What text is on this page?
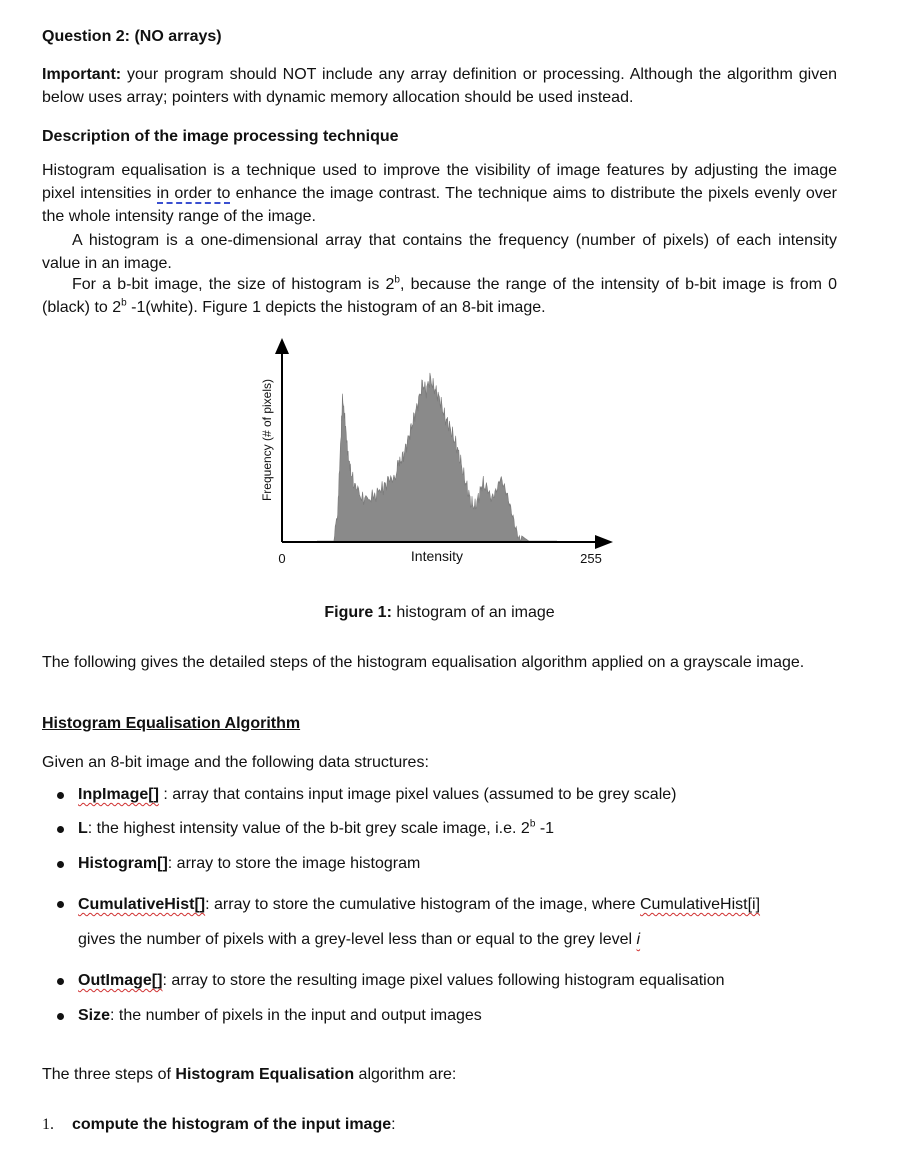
Question 2: (NO arrays)

Important: your program should NOT include any array definition or processing. Although the algorithm given below uses array; pointers with dynamic memory allocation should be used instead.

Description of the image processing technique

Histogram equalisation is a technique used to improve the visibility of image features by adjusting the image pixel intensities in order to enhance the image contrast. The technique aims to distribute the pixels evenly over the whole intensity range of the image.

A histogram is a one-dimensional array that contains the frequency (number of pixels) of each intensity value in an image.

For a b-bit image, the size of histogram is 2$^b$, because the range of the intensity of b-bit image is from 0 (black) to 2$^b$ -1(white). Figure 1 depicts the histogram of an 8-bit image.

Frequency (# of pixels)
0	Intensity	255

Figure 1: histogram of an image

The following gives the detailed steps of the histogram equalisation algorithm applied on a grayscale image.

Histogram Equalisation Algorithm

Given an 8-bit image and the following data structures:

InpImage[] : array that contains input image pixel values (assumed to be grey scale)
L: the highest intensity value of the b-bit grey scale image, i.e. 2$^b$ -1
Histogram[]: array to store the image histogram
CumulativeHist[]: array to store the cumulative histogram of the image, where CumulativeHist[i]
gives the number of pixels with a grey-level less than or equal to the grey level i
OutImage[]: array to store the resulting image pixel values following histogram equalisation
Size: the number of pixels in the input and output images

The three steps of Histogram Equalisation algorithm are:

1. compute the histogram of the input image:
